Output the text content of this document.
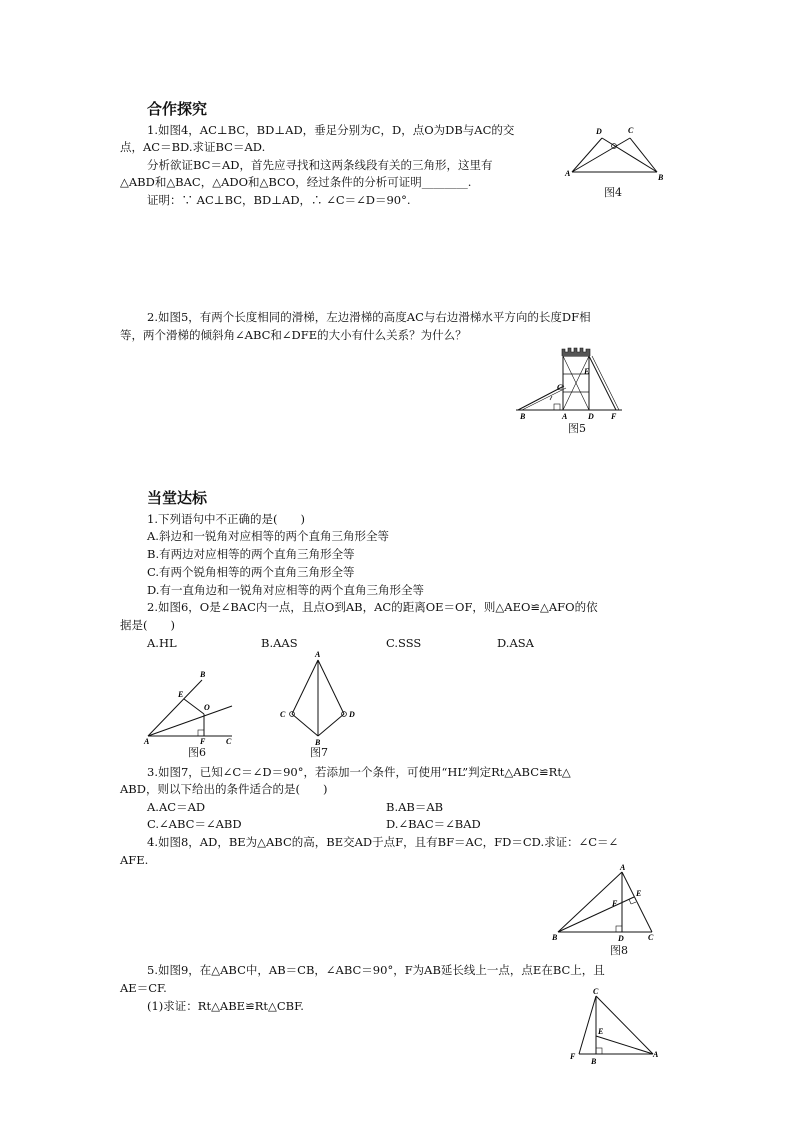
合作探究
1.如图4，AC⊥BC，BD⊥AD，垂足分别为C，D，点O为DB与AC的交
点，AC＝BD.求证BC＝AD.
分析欲证BC＝AD，首先应寻找和这两条线段有关的三角形，这里有
△ABD和△BAC，△ADO和△BCO，经过条件的分析可证明________.
证明：∵ AC⊥BC，BD⊥AD，∴ ∠C＝∠D＝90°.
D	C
A	B
图4
2.如图5，有两个长度相同的滑梯，左边滑梯的高度AC与右边滑梯水平方向的长度DF相
等，两个滑梯的倾斜角∠ABC和∠DFE的大小有什么关系？为什么？
E
C
B	A	D F
图5
当堂达标
1.下列语句中不正确的是(　　)
A.斜边和一锐角对应相等的两个直角三角形全等
B.有两边对应相等的两个直角三角形全等
C.有两个锐角相等的两个直角三角形全等
D.有一直角边和一锐角对应相等的两个直角三角形全等
2.如图6，O是∠BAC内一点，且点O到AB，AC的距离OE＝OF，则△AEO≌△AFO的依
据是(　　)
A.HL	B.AAS	C.SSS	D.ASA
B
E
O
A	F	C
图6
A
C	D
B
图7
3.如图7，已知∠C＝∠D＝90°，若添加一个条件，可使用“HL”判定Rt△ABC≌Rt△
ABD，则以下给出的条件适合的是(　　)
A.AC＝AD	B.AB＝AB
C.∠ABC＝∠ABD	D.∠BAC＝∠BAD
4.如图8，AD，BE为△ABC的高，BE交AD于点F，且有BF＝AC，FD＝CD.求证：∠C＝∠
AFE.
A
E
F
B	D	C
图8
5.如图9，在△ABC中，AB＝CB，∠ABC＝90°，F为AB延长线上一点，点E在BC上，且
AE＝CF.
(1)求证：Rt△ABE≌Rt△CBF.
C
E
F
B
A
